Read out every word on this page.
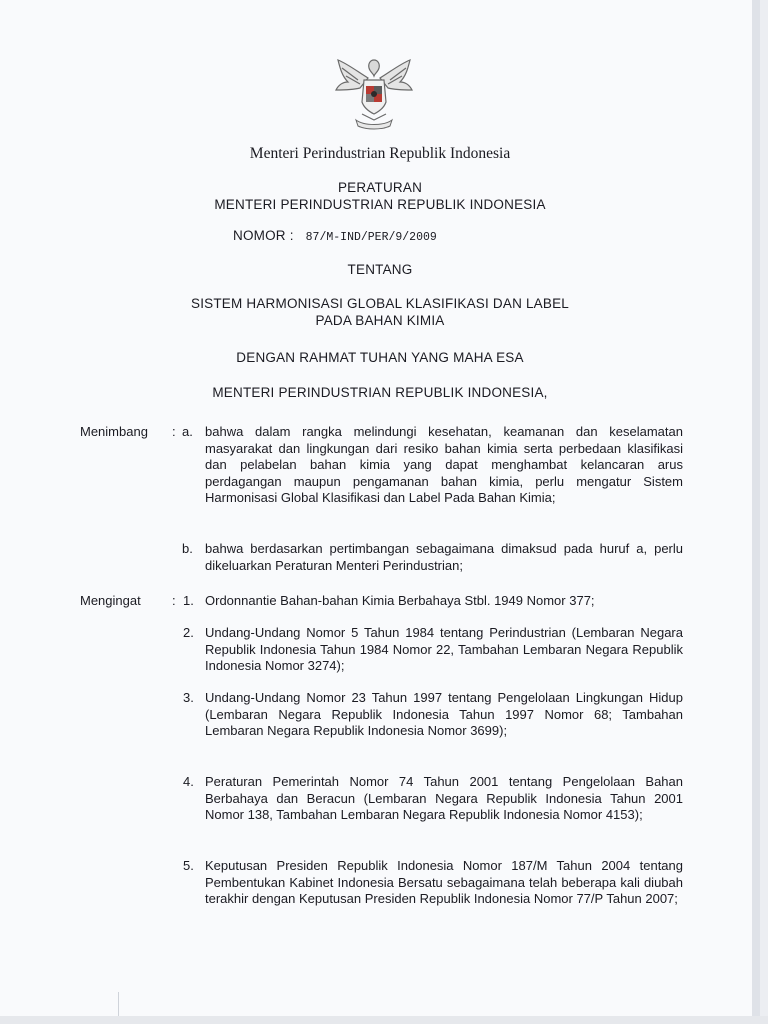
Menteri Perindustrian Republik Indonesia
PERATURAN
MENTERI PERINDUSTRIAN REPUBLIK INDONESIA
NOMOR : 87/M-IND/PER/9/2009
TENTANG
SISTEM HARMONISASI GLOBAL KLASIFIKASI DAN LABEL
PADA BAHAN KIMIA
DENGAN RAHMAT TUHAN YANG MAHA ESA
MENTERI PERINDUSTRIAN REPUBLIK INDONESIA,
Menimbang : a. bahwa dalam rangka melindungi kesehatan, keamanan dan keselamatan masyarakat dan lingkungan dari resiko bahan kimia serta perbedaan klasifikasi dan pelabelan bahan kimia yang dapat menghambat kelancaran arus perdagangan maupun pengamanan bahan kimia, perlu mengatur Sistem Harmonisasi Global Klasifikasi dan Label Pada Bahan Kimia;
b. bahwa berdasarkan pertimbangan sebagaimana dimaksud pada huruf a, perlu dikeluarkan Peraturan Menteri Perindustrian;
Mengingat : 1. Ordonnantie Bahan-bahan Kimia Berbahaya Stbl. 1949 Nomor 377;
2. Undang-Undang Nomor 5 Tahun 1984 tentang Perindustrian (Lembaran Negara Republik Indonesia Tahun 1984 Nomor 22, Tambahan Lembaran Negara Republik Indonesia Nomor 3274);
3. Undang-Undang Nomor 23 Tahun 1997 tentang Pengelolaan Lingkungan Hidup (Lembaran Negara Republik Indonesia Tahun 1997 Nomor 68; Tambahan Lembaran Negara Republik Indonesia Nomor 3699);
4. Peraturan Pemerintah Nomor 74 Tahun 2001 tentang Pengelolaan Bahan Berbahaya dan Beracun (Lembaran Negara Republik Indonesia Tahun 2001 Nomor 138, Tambahan Lembaran Negara Republik Indonesia Nomor 4153);
5. Keputusan Presiden Republik Indonesia Nomor 187/M Tahun 2004 tentang Pembentukan Kabinet Indonesia Bersatu sebagaimana telah beberapa kali diubah terakhir dengan Keputusan Presiden Republik Indonesia Nomor 77/P Tahun 2007;
